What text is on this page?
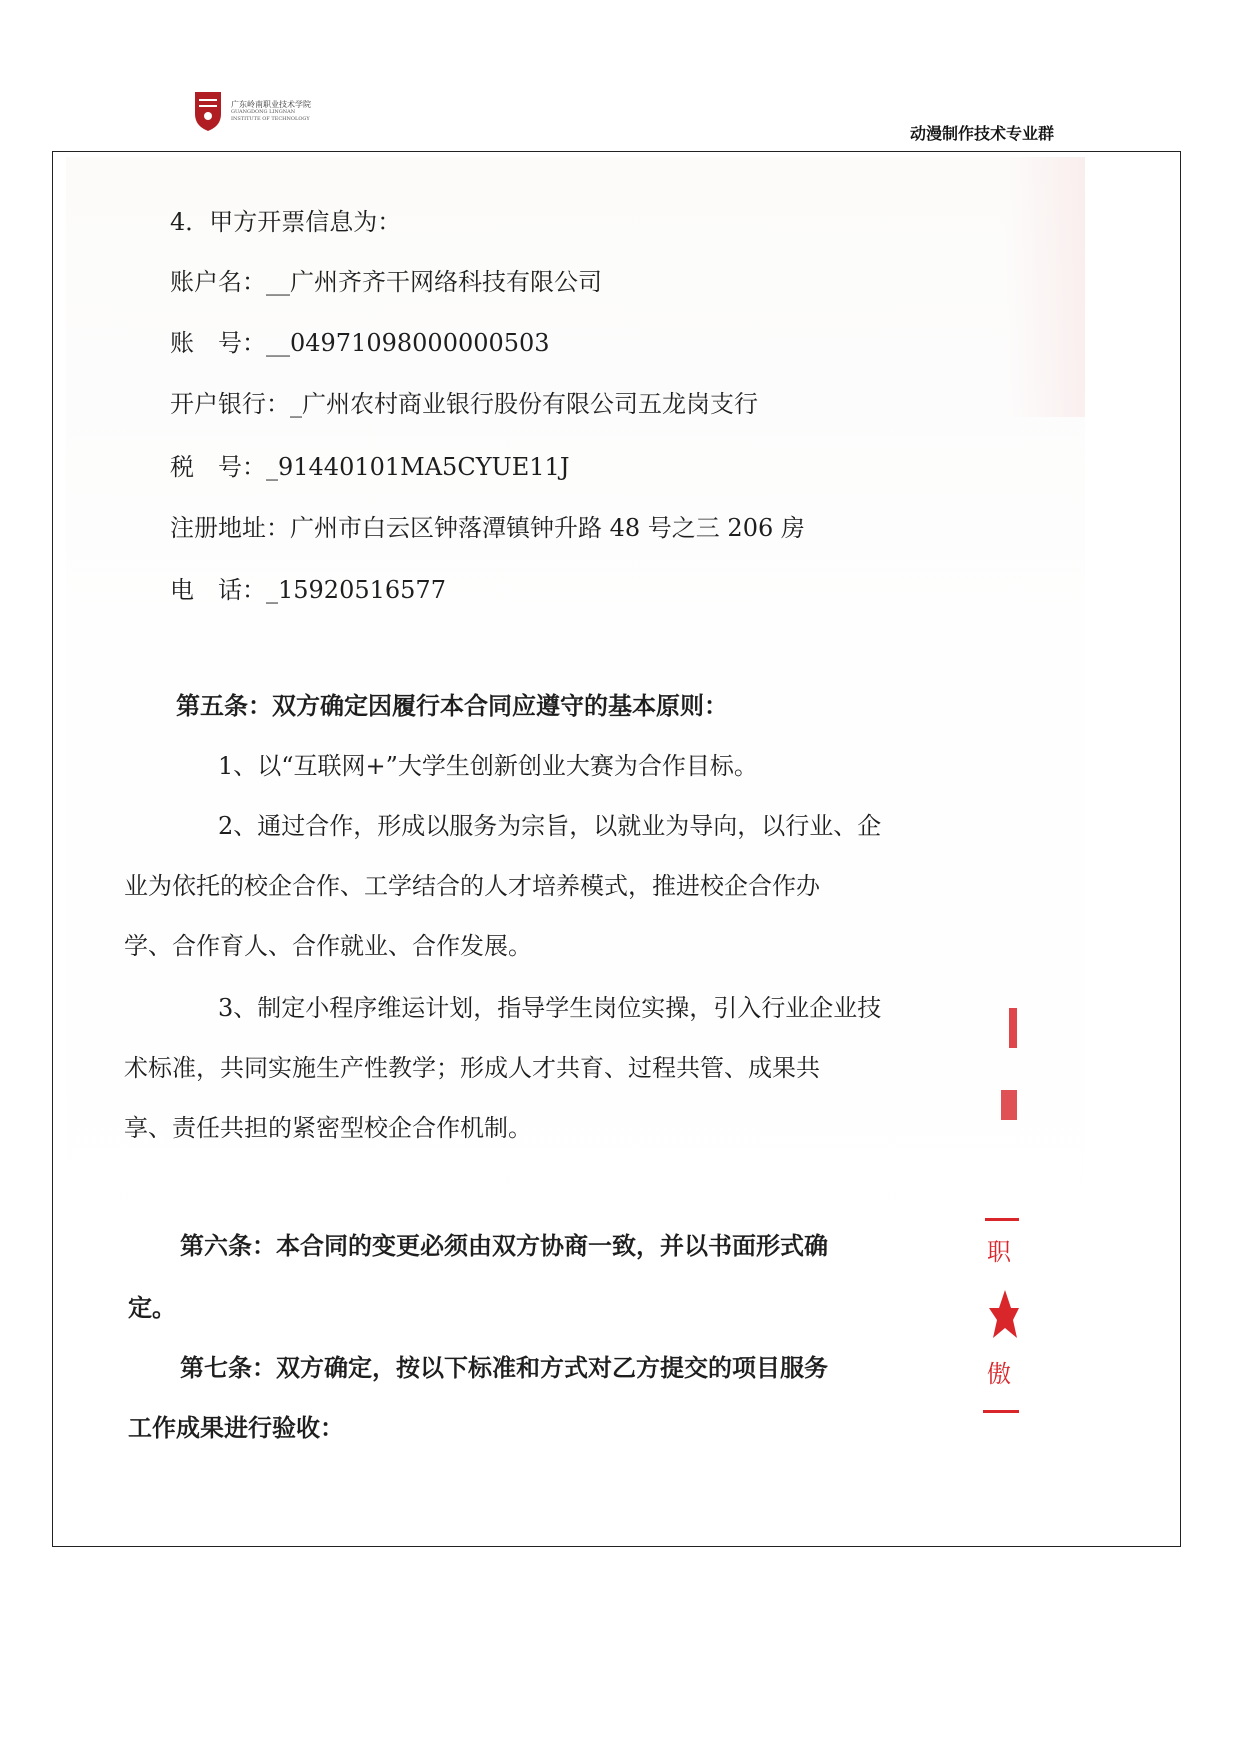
广东岭南职业技术学院
GUANGDONG LINGNAN
INSTITUTE OF TECHNOLOGY
动漫制作技术专业群
4．甲方开票信息为：
账户名：__广州齐齐干网络科技有限公司
账　号：__04971098000000503
开户银行：_广州农村商业银行股份有限公司五龙岗支行
税　号：_91440101MA5CYUE11J
注册地址：广州市白云区钟落潭镇钟升路 48 号之三 206 房
电　话：_15920516577
第五条：双方确定因履行本合同应遵守的基本原则：
1、以“互联网+”大学生创新创业大赛为合作目标。
2、通过合作，形成以服务为宗旨，以就业为导向，以行业、企
业为依托的校企合作、工学结合的人才培养模式，推进校企合作办
学、合作育人、合作就业、合作发展。
3、制定小程序维运计划，指导学生岗位实操，引入行业企业技
术标准，共同实施生产性教学；形成人才共育、过程共管、成果共
享、责任共担的紧密型校企合作机制。
第六条：本合同的变更必须由双方协商一致，并以书面形式确
定。
第七条：双方确定，按以下标准和方式对乙方提交的项目服务
工作成果进行验收：
职
傲
